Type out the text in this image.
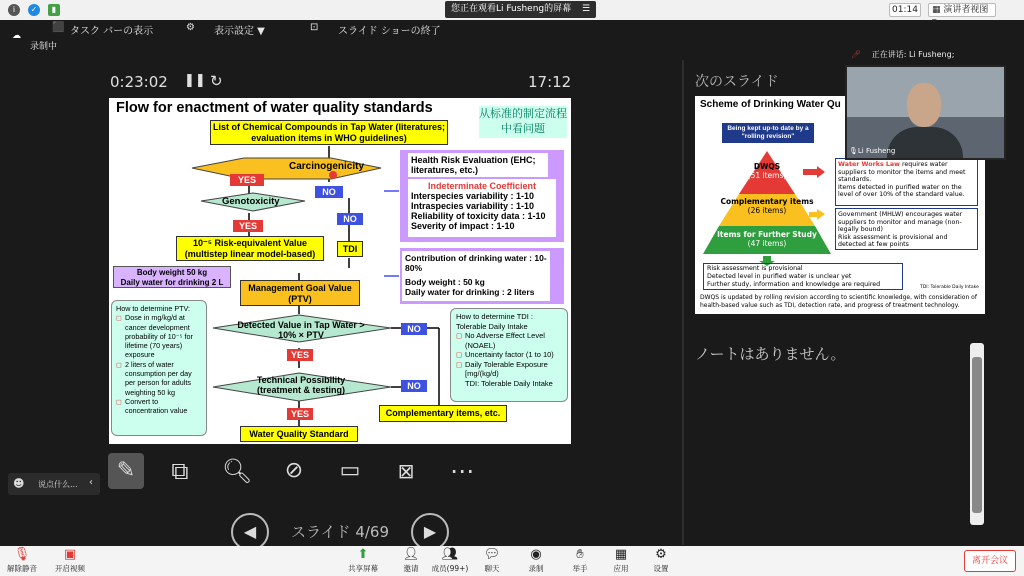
i	✓	▮	您正在观看Li Fusheng的屏幕 ☰	01:14	▦ 演讲者视图 ▾
⬛ タスク バーの表示	⚙ 表示設定 ▼	⊡ スライド ショーの終了
☁
录制中
0:23:02 ❚❚ ↻	17:12
Flow for enactment of water quality standards	从标准的制定流程中看问题
List of Chemical Compounds in Tap Water (literatures; evaluation items in WHO guidelines)
Carcinogenicity
YES
NO
Genotoxicity
YES
NO
10⁻⁵ Risk-equivalent Value (multistep linear model-based)	TDI
Health Risk Evaluation (EHC; literatures, etc.)
Indeterminate Coefficient
Interspecies variability : 1-10
Intraspecies variability : 1-10
Reliability of toxicity data : 1-10
Severity of impact : 1-10
Contribution of drinking water : 10-80%
Body weight : 50 kg
Daily water for drinking : 2 liters
Body weight 50 kg
Daily water for drinking 2 L
Management Goal Value (PTV)
How to determine PTV:
◻ Dose in mg/kg/d at cancer development probability of 10⁻⁵ for lifetime (70 years) exposure
◻ 2 liters of water consumption per day per person for adults weighting 50 kg
◻ Convert to concentration value
Detected Value in Tap Water > 10% × PTV
NO
YES
Technical Possibility (treatment & testing)	NO
YES
Water Quality Standard
How to determine TDI : Tolerable Daily Intake
◻ No Adverse Effect Level (NOAEL)
◻ Uncertainty factor (1 to 10)
◻ Daily Tolerable Exposure [mg/(kg/d)
TDI: Tolerable Daily Intake
Complementary items, etc.
✎	⧉	🔍︎	⊘	▭	⊠	⋯
☻ 说点什么... ‹
◀	スライド 4/69	▶
次のスライド
Scheme of Drinking Water Qu
Being kept up-to date by a "rolling revision"
DWQS
(51 items)
Complementary items
(26 items)
Items for Further Study
(47 items)
Water Works Law requires water suppliers to monitor the items and meet standards.
Items detected in purified water on the level of over 10% of the standard value.
Government (MHLW) encourages water suppliers to monitor and manage (non-legally bound)
Risk assessment is provisional and detected at few points
Risk assessment is provisional
Detected level in purified water is unclear yet
Further study, information and knowledge are required	TDI: Tolerable Daily Intake
DWQS is updated by rolling revision according to scientific knowledge, with consideration of health-based value such as TDI, detection rate, and progress of treatment technology.
🎤︎ 正在讲话: Li Fusheng;
🎙︎Li Fusheng
ノートはありません。
🎙︎
解除静音
▣
开启视频
⬆
共享屏幕
👤︎
邀请
👥︎
成员(99+)
💬︎
聊天
◉
录制
✋︎
举手
▦
应用
⚙
设置
离开会议
